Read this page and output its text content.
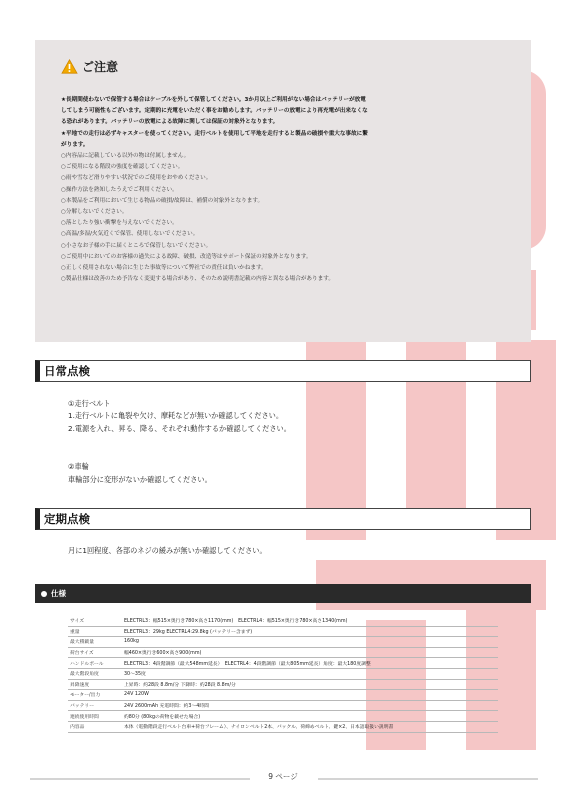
ご注意
★長期間使わないで保管する場合はケーブルを外して保管してください。3か月以上ご利用がない場合はバッテリーが放電
してしまう可能性もございます。定期的に充電をいただく事をお勧めします。バッテリーの放電により再充電が出来なくな
る恐れがあります。バッテリーの放電による故障に関しては保証の対象外となります。
★平地での走行は必ずキャスターを使ってください。走行ベルトを使用して平地を走行すると製品の破損や重大な事故に繋
がります。
○内容品に記載している以外の物は付属しません。
○ご使用になる階段の強度を確認してください。
○雨や雪など滑りやすい状況でのご使用をおやめください。
○操作方法を熟知したうえでご利用ください。
○本製品をご利用において生じる物品の破損/故障は、補償の対象外となります。
○分解しないでください。
○落としたり強い衝撃を与えないでください。
○高温/多湿/火気近くで保管、使用しないでください。
○小さなお子様の手に届くところで保管しないでください。
○ご使用中においてのお客様の過失による故障、破損、改造等はサポート保証の対象外となります。
○正しく使用されない場合に生じた事故等について弊社での責任は負いかねます。
○製品仕様は改善のため予告なく変更する場合があり、そのため説明書記載の内容と異なる場合があります。
日常点検
①走行ベルト
1.走行ベルトに亀裂や欠け、摩耗などが無いか確認してください。
2.電源を入れ、昇る、降る、それぞれ動作するか確認してください。
②車輪
車輪部分に変形がないか確認してください。
定期点検
月に1回程度、各部のネジの緩みが無いか確認してください。
仕様
サイズ	ELECTRL3：幅515×奥行き780×高さ1170(mm)　ELECTRL4：幅515×奥行き780×高さ1340(mm)
重量	ELECTRL3：29kg ELECTRL4:29.8kg (バッテリー含まず)
最大積載量	160kg
荷台サイズ	幅460×奥行き600×高さ900(mm)
ハンドルポール	ELECTRL3：4段階調節（最大548mm延長）　ELECTRL4：4段階調節（最大805mm延長）角度：最大180度調整
最大階段角度	30～35度
昇降速度	上昇時：約28段 8.8m/分 下降時：約28段 8.8m/分
モーター/出力	24V 120W
バッテリー	24V 2600mAh 充電時間：約3～4時間
連続使用時間	約80分 (80kgの荷物を載せた場合)
内容品	本体（電動階段走行ベルト台車+荷台フレーム）、ナイロンベルト2本、バックル、荷締めベルト、鍵×2、日本語取扱い説明書
9 ページ
